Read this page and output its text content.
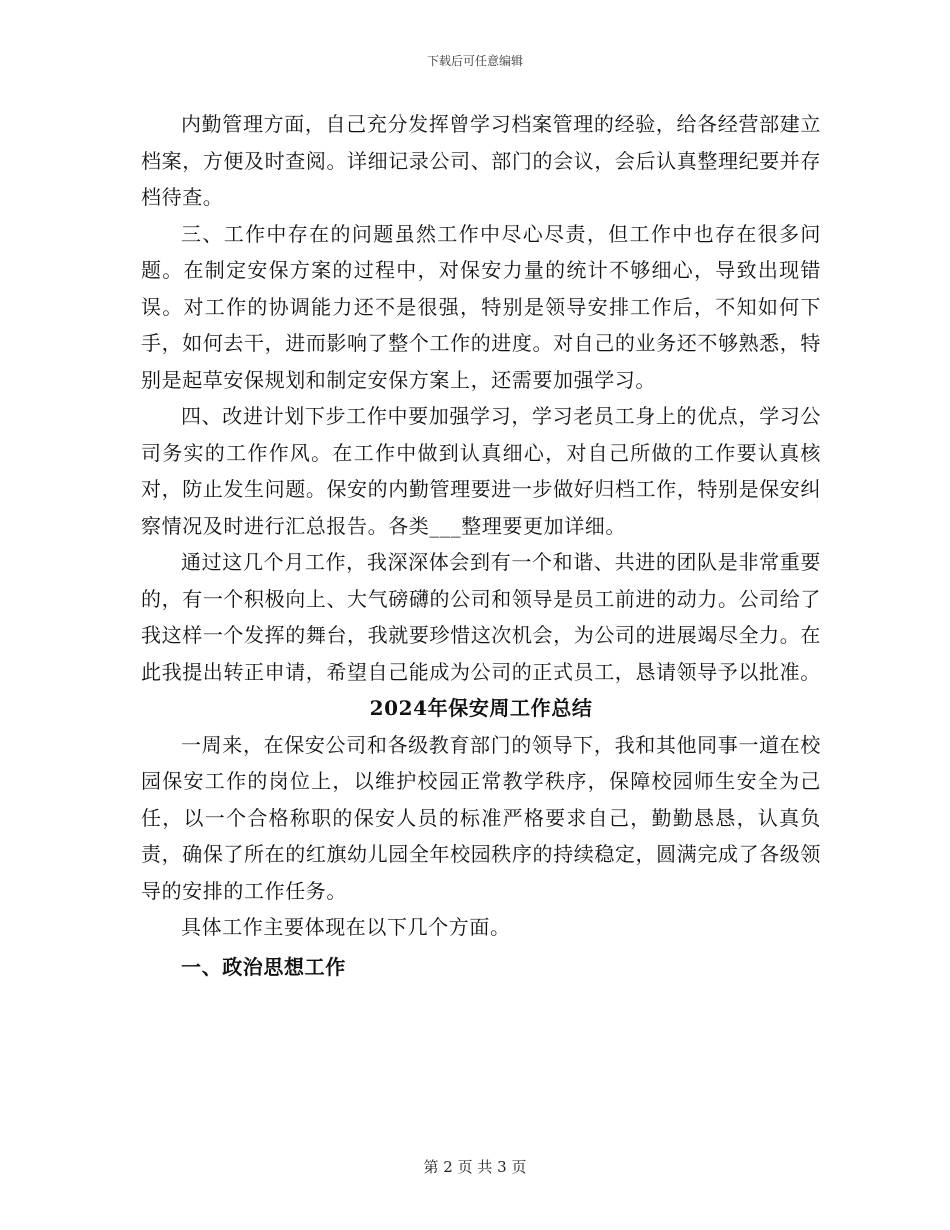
下载后可任意编辑

内勤管理方面，自己充分发挥曾学习档案管理的经验，给各经营部建立档案，方便及时查阅。详细记录公司、部门的会议，会后认真整理纪要并存档待查。

三、工作中存在的问题虽然工作中尽心尽责，但工作中也存在很多问题。在制定安保方案的过程中，对保安力量的统计不够细心，导致出现错误。对工作的协调能力还不是很强，特别是领导安排工作后，不知如何下手，如何去干，进而影响了整个工作的进度。对自己的业务还不够熟悉，特别是起草安保规划和制定安保方案上，还需要加强学习。

四、改进计划下步工作中要加强学习，学习老员工身上的优点，学习公司务实的工作作风。在工作中做到认真细心，对自己所做的工作要认真核对，防止发生问题。保安的内勤管理要进一步做好归档工作，特别是保安纠察情况及时进行汇总报告。各类___整理要更加详细。

通过这几个月工作，我深深体会到有一个和谐、共进的团队是非常重要的，有一个积极向上、大气磅礴的公司和领导是员工前进的动力。公司给了我这样一个发挥的舞台，我就要珍惜这次机会，为公司的进展竭尽全力。在此我提出转正申请，希望自己能成为公司的正式员工，恳请领导予以批准。

2024年保安周工作总结

一周来，在保安公司和各级教育部门的领导下，我和其他同事一道在校园保安工作的岗位上，以维护校园正常教学秩序，保障校园师生安全为己任，以一个合格称职的保安人员的标准严格要求自己，勤勤恳恳，认真负责，确保了所在的红旗幼儿园全年校园秩序的持续稳定，圆满完成了各级领导的安排的工作任务。

具体工作主要体现在以下几个方面。

一、政治思想工作

第 2 页 共 3 页
